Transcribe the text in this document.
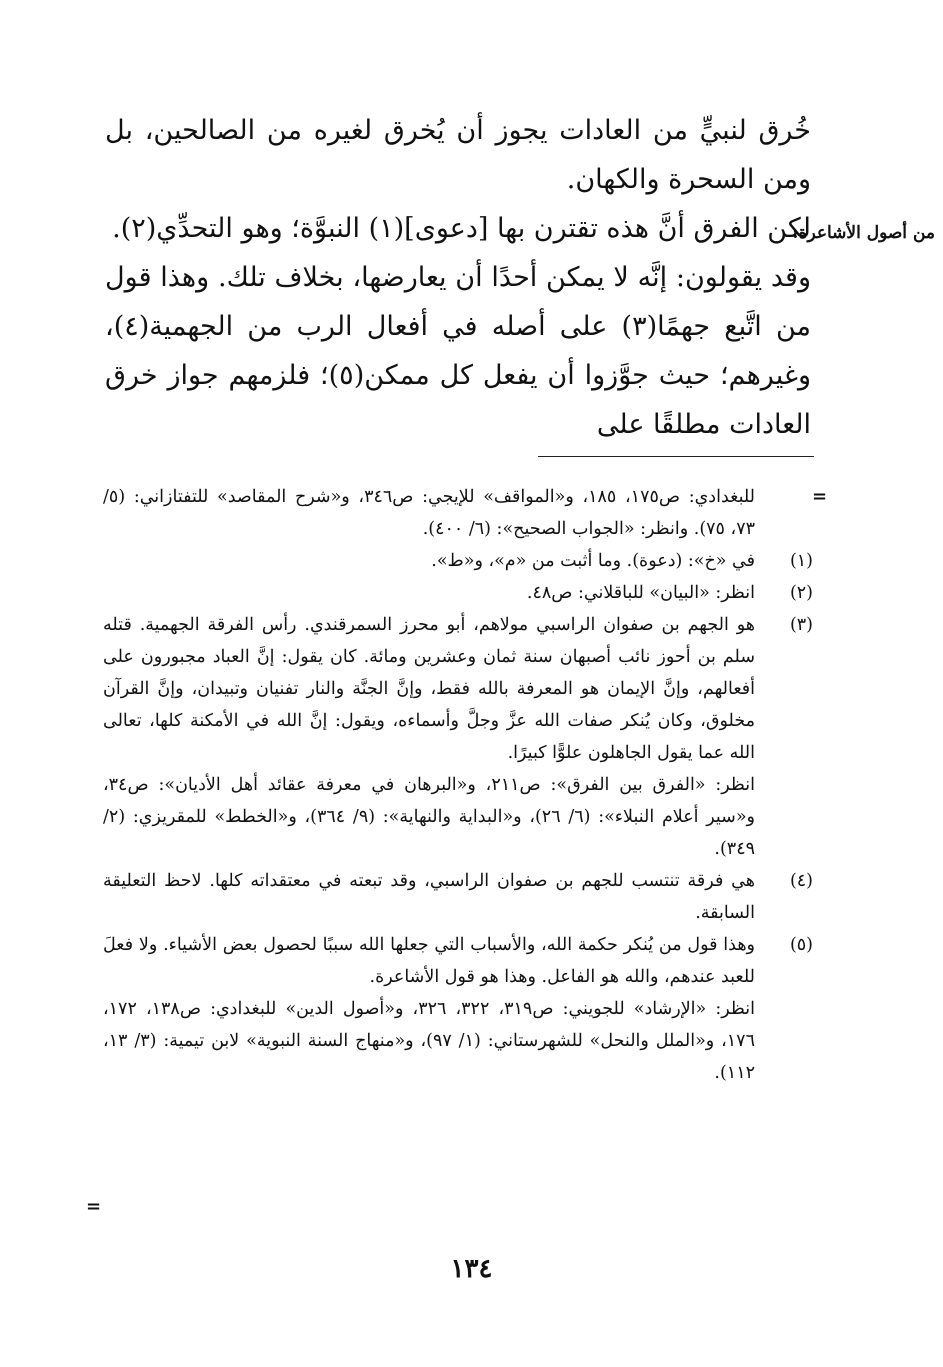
من أصول الأشاعرة:

خُرق لنبيٍّ من العادات يجوز أن يُخرق لغيره من الصالحين، بل ومن السحرة والكهان.

لكن الفرق أنَّ هذه تقترن بها [دعوى](١) النبوَّة؛ وهو التحدِّي(٢).

وقد يقولون: إنَّه لا يمكن أحدًا أن يعارضها، بخلاف تلك. وهذا قول من اتَّبع جهمًا(٣) على أصله في أفعال الرب من الجهمية(٤)، وغيرهم؛ حيث جوَّزوا أن يفعل كل ممكن(٥)؛ فلزمهم جواز خرق العادات مطلقًا على

=
للبغدادي: ص١٧٥، ١٨٥، و«المواقف» للإيجي: ص٣٤٦، و«شرح المقاصد» للتفتازاني: (٥/ ٧٣، ٧٥). وانظر: «الجواب الصحيح»: (٦/ ٤٠٠).
(١)
في «خ»: (دعوة). وما أثبت من «م»، و«ط».
(٢)
انظر: «البيان» للباقلاني: ص٤٨.
(٣)
هو الجهم بن صفوان الراسبي مولاهم، أبو محرز السمرقندي. رأس الفرقة الجهمية. قتله سلم بن أحوز نائب أصبهان سنة ثمان وعشرين ومائة. كان يقول: إنَّ العباد مجبورون على أفعالهم، وإنَّ الإيمان هو المعرفة بالله فقط، وإنَّ الجنَّة والنار تفنيان وتبيدان، وإنَّ القرآن مخلوق، وكان يُنكر صفات الله عزَّ وجلَّ وأسماءه، ويقول: إنَّ الله في الأمكنة كلها، تعالى الله عما يقول الجاهلون علوًّا كبيرًا.
انظر: «الفرق بين الفرق»: ص٢١١، و«البرهان في معرفة عقائد أهل الأديان»: ص٣٤، و«سير أعلام النبلاء»: (٦/ ٢٦)، و«البداية والنهاية»: (٩/ ٣٦٤)، و«الخطط» للمقريزي: (٢/ ٣٤٩).
(٤)
هي فرقة تنتسب للجهم بن صفوان الراسبي، وقد تبعته في معتقداته كلها. لاحظ التعليقة السابقة.
(٥)
وهذا قول من يُنكر حكمة الله، والأسباب التي جعلها الله سببًا لحصول بعض الأشياء. ولا فعلَ للعبد عندهم، والله هو الفاعل. وهذا هو قول الأشاعرة.
انظر: «الإرشاد» للجويني: ص٣١٩، ٣٢٢، ٣٢٦، و«أصول الدين» للبغدادي: ص١٣٨، ١٧٢، ١٧٦، و«الملل والنحل» للشهرستاني: (١/ ٩٧)، و«منهاج السنة النبوية» لابن تيمية: (٣/ ١٣، ١١٢).
=
١٣٤
